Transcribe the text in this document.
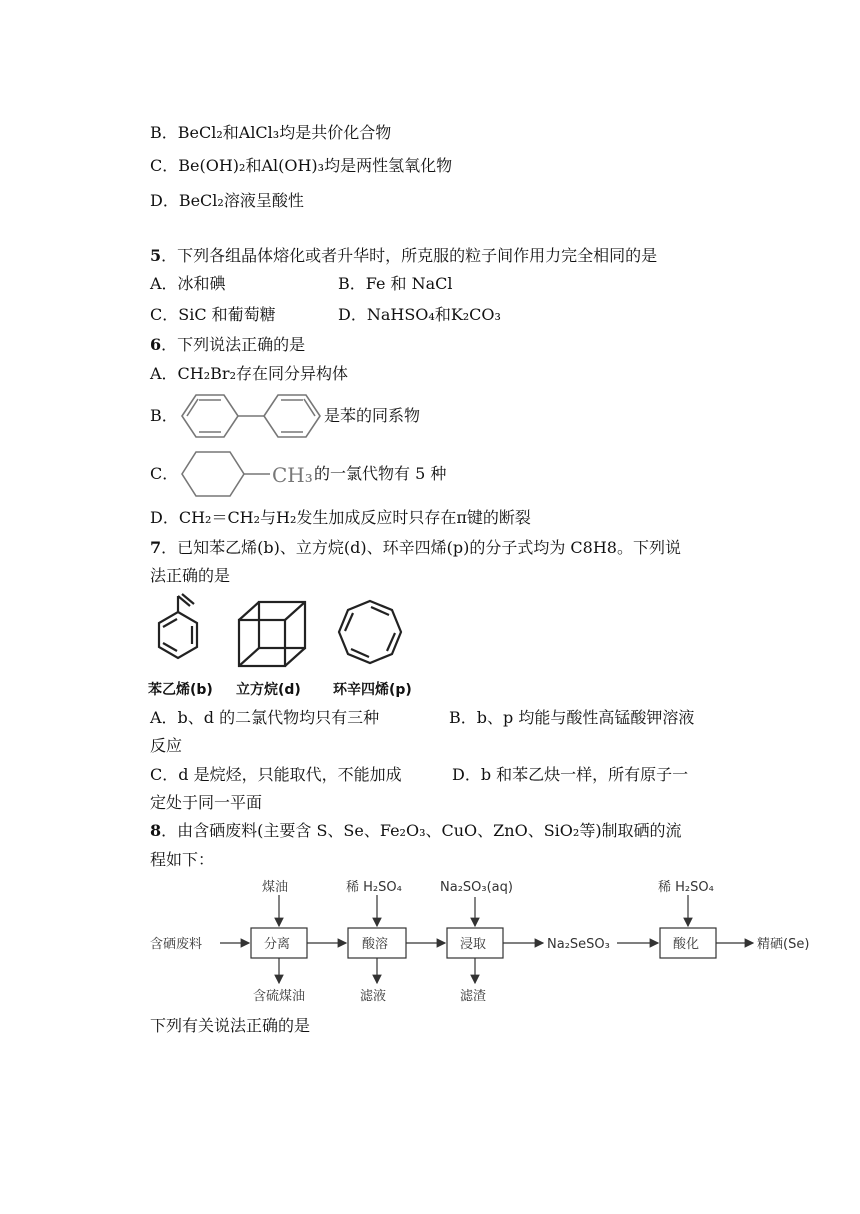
B．BeCl₂和AlCl₃均是共价化合物
C．Be(OH)₂和Al(OH)₃均是两性氢氧化物
D．BeCl₂溶液呈酸性
5．下列各组晶体熔化或者升华时，所克服的粒子间作用力完全相同的是
A．冰和碘	B．Fe 和 NaCl
C．SiC 和葡萄糖	D．NaHSO₄和K₂CO₃
6．下列说法正确的是
A．CH₂Br₂存在同分异构体
B．	是苯的同系物
C．	CH₃ 的一氯代物有 5 种
D．CH₂＝CH₂与H₂发生加成反应时只存在π键的断裂
7．已知苯乙烯(b)、立方烷(d)、环辛四烯(p)的分子式均为 C8H8。下列说
法正确的是
苯乙烯(b) 立方烷(d) 环辛四烯(p)
A．b、d 的二氯代物均只有三种	B．b、p 均能与酸性高锰酸钾溶液
反应
C．d 是烷烃，只能取代，不能加成	D．b 和苯乙炔一样，所有原子一
定处于同一平面
8．由含硒废料(主要含 S、Se、Fe₂O₃、CuO、ZnO、SiO₂等)制取硒的流
程如下：
含硒废料	分离	酸溶	浸取	酸化
Na₂SeSO₃	精硒(Se)
煤油	稀 H₂SO₄	Na₂SO₃(aq)	稀 H₂SO₄
含硫煤油	滤液	滤渣
下列有关说法正确的是
